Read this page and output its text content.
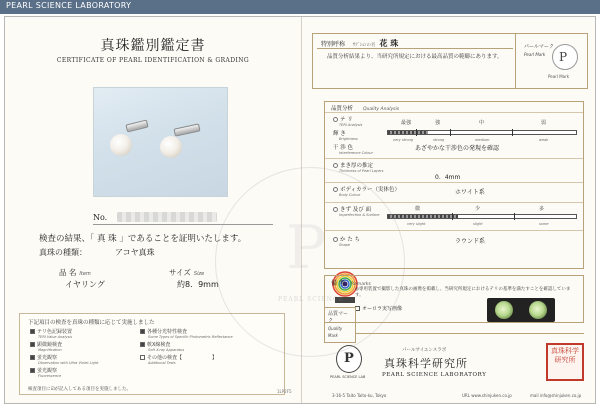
PEARL SCIENCE LABORATORY
真珠鑑別鑑定書
CERTIFICATE OF PEARL IDENTIFICATION & GRADING
No.
検査の結果、「 真 珠 」であることを証明いたします。
真珠の種類：	アコヤ真珠
品 名 Item	サイズ Size
イヤリング	約8．9mm
下記項目の検査を真珠の種類に応じて実施しました
テリ色記録装置
TERI Value Analysis
各種分光特性検査
Some Types of Specific Photometric Reflectance
顕微鏡検査
Magnification
軟X線検査
Soft X-ray Apparatus
蛍光観察
Observation with Ultra Violet Light
その他の検査【　　　　　　】
Additional Tests
蛍光観察
Fluorescence
検査項目に☑が記入してある項目を実施しました。	1LP2F5
特別呼称 ｻﾌﾞｼｮﾝの名 花 珠
品質分析結果より、当研究所規定における最高品質の範疇にあります。
パールマーク
Pearl Mark	P
Pearl Mark
品質分析 Quality Analysis
テ リ
TERI Analysis
輝 き
Brightness
最強	強	中	弱
very strong	strong	medium	weak
干 渉 色
Interference Colour
あざやかな干渉色の発現を確認
まき厚の推定
Thickness of Pearl Layers
0．4mm
ボディカラー（実体色）
Body Colour	ホワイト系
きず 及び 面
Imperfection & Surface
微	少	多
very slight	slight	some
か た ち
Shape	ラウンド系
備 考 Remarks
◎専用装置で撮影した真珠の画像を掲載し、当研究所規定におけるテリの基準を満たすことを確認しています。
オーロラ実写画像
品質マーク
Quality Mark
P
PEARL SCIENCE LAB
パールサイエンスラボ
真珠科学研究所
PEARL SCIENCE LABORATORY
真珠科学研究所
3-16-5 Taito Taito-ku, Tokyo	URL www.shinjuken.co.jp	mail info@shinjuken.co.jp
P
PEARL SCIENCE
